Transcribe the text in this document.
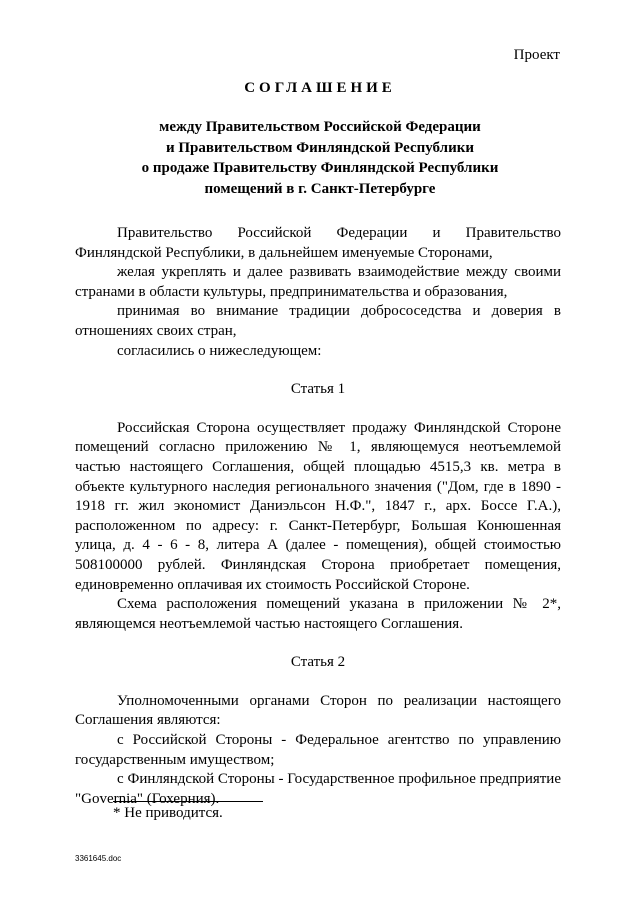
Проект
СОГЛАШЕНИЕ
между Правительством Российской Федерации
и Правительством Финляндской Республики
о продаже Правительству Финляндской Республики
помещений в г. Санкт-Петербурге

Правительство Российской Федерации и Правительство Финляндской Республики, в дальнейшем именуемые Сторонами,

желая укреплять и далее развивать взаимодействие между своими странами в области культуры, предпринимательства и образования,

принимая во внимание традиции добрососедства и доверия в отношениях своих стран,

согласились о нижеследующем:

Статья 1

Российская Сторона осуществляет продажу Финляндской Стороне помещений согласно приложению № 1, являющемуся неотъемлемой частью настоящего Соглашения, общей площадью 4515,3 кв. метра в объекте культурного наследия регионального значения ("Дом, где в 1890 - 1918 гг. жил экономист Даниэльсон Н.Ф.", 1847 г., арх. Боссе Г.А.), расположенном по адресу: г. Санкт-Петербург, Большая Конюшенная улица, д. 4 - 6 - 8, литера А (далее - помещения), общей стоимостью 508100000 рублей. Финляндская Сторона приобретает помещения, единовременно оплачивая их стоимость Российской Стороне.

Схема расположения помещений указана в приложении № 2*, являющемся неотъемлемой частью настоящего Соглашения.

Статья 2

Уполномоченными органами Сторон по реализации настоящего Соглашения являются:

с Российской Стороны - Федеральное агентство по управлению государственным имуществом;

с Финляндской Стороны - Государственное профильное предприятие "Governia" (Гохерния).

* Не приводится.
3361645.doc
